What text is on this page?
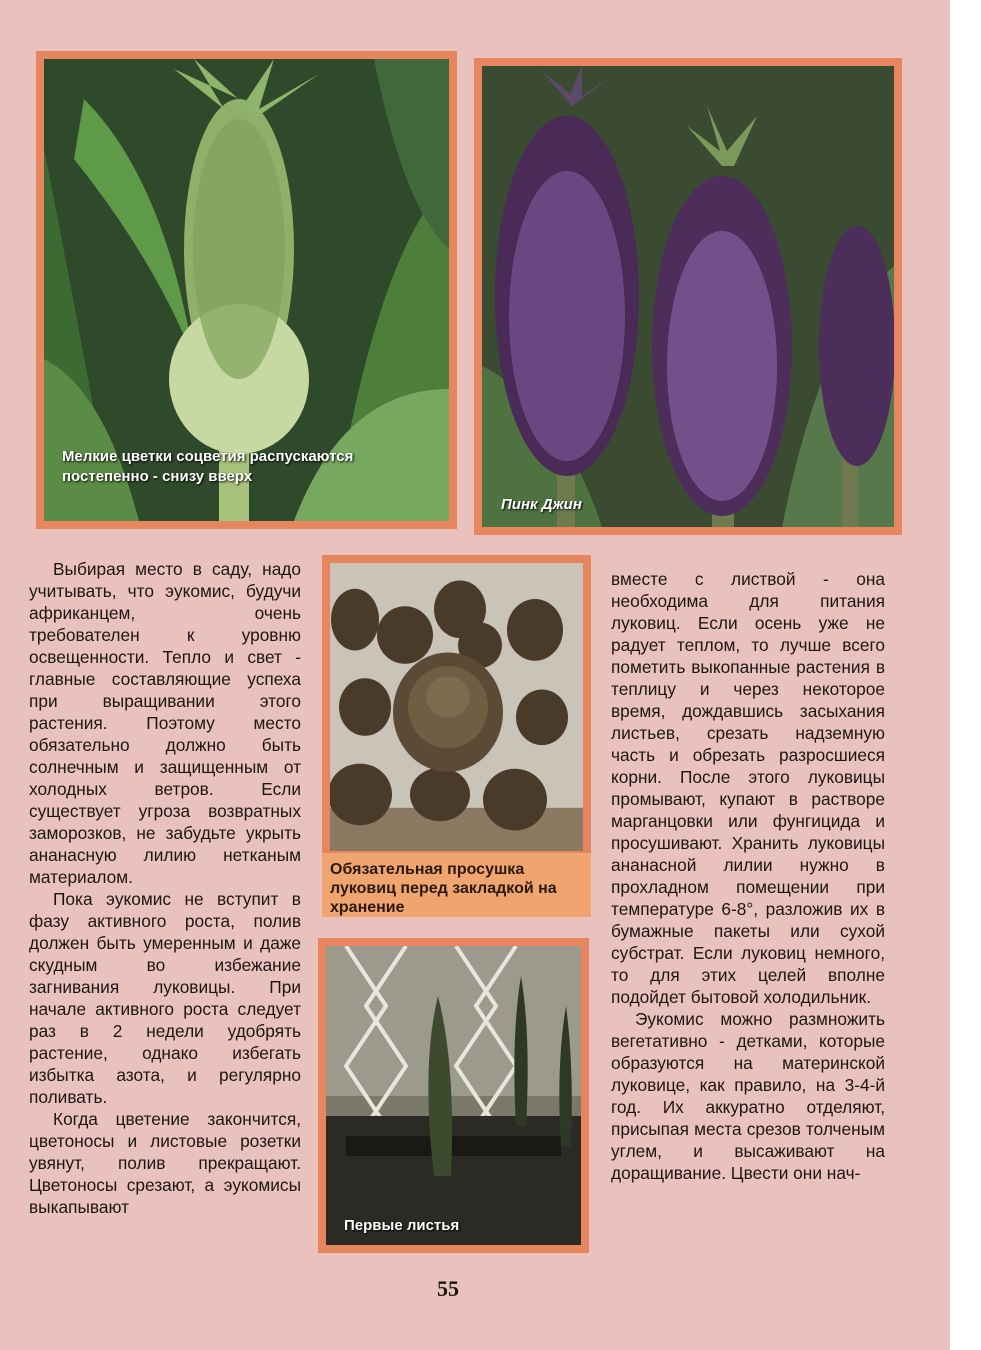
Мелкие цветки соцветия распускаются постепенно - снизу вверх
Пинк Джин
Обязательная просушка луковиц перед закладкой на хранение
Первые листья

Выбирая место в саду, надо учитывать, что эукомис, будучи африканцем, очень требователен к уровню освещенности. Тепло и свет - главные составляющие успеха при выращивании этого растения. Поэтому место обязательно должно быть солнечным и защищенным от холодных ветров. Если существует угроза возвратных заморозков, не забудьте укрыть ананасную лилию нетканым материалом.

Пока эукомис не вступит в фазу активного роста, полив должен быть умеренным и даже скудным во избежание загнивания луковицы. При начале активного роста следует раз в 2 недели удобрять растение, однако избегать избытка азота, и регулярно поливать.

Когда цветение закончится, цветоносы и листовые розетки увянут, полив прекращают. Цветоносы срезают, а эукомисы выкапывают

вместе с листвой - она необходима для питания луковиц. Если осень уже не радует теплом, то лучше всего пометить выкопанные растения в теплицу и через некоторое время, дождавшись засыхания листьев, срезать надземную часть и обрезать разросшиеся корни. После этого луковицы промывают, купают в растворе марганцовки или фунгицида и просушивают. Хранить луковицы ананасной лилии нужно в прохладном помещении при температуре 6-8°, разложив их в бумажные пакеты или сухой субстрат. Если луковиц немного, то для этих целей вполне подойдет бытовой холодильник.

Эукомис можно размножить вегетативно - детками, которые образуются на материнской луковице, как правило, на 3-4-й год. Их аккуратно отделяют, присыпая места срезов толченым углем, и высаживают на доращивание. Цвести они нач-

55
